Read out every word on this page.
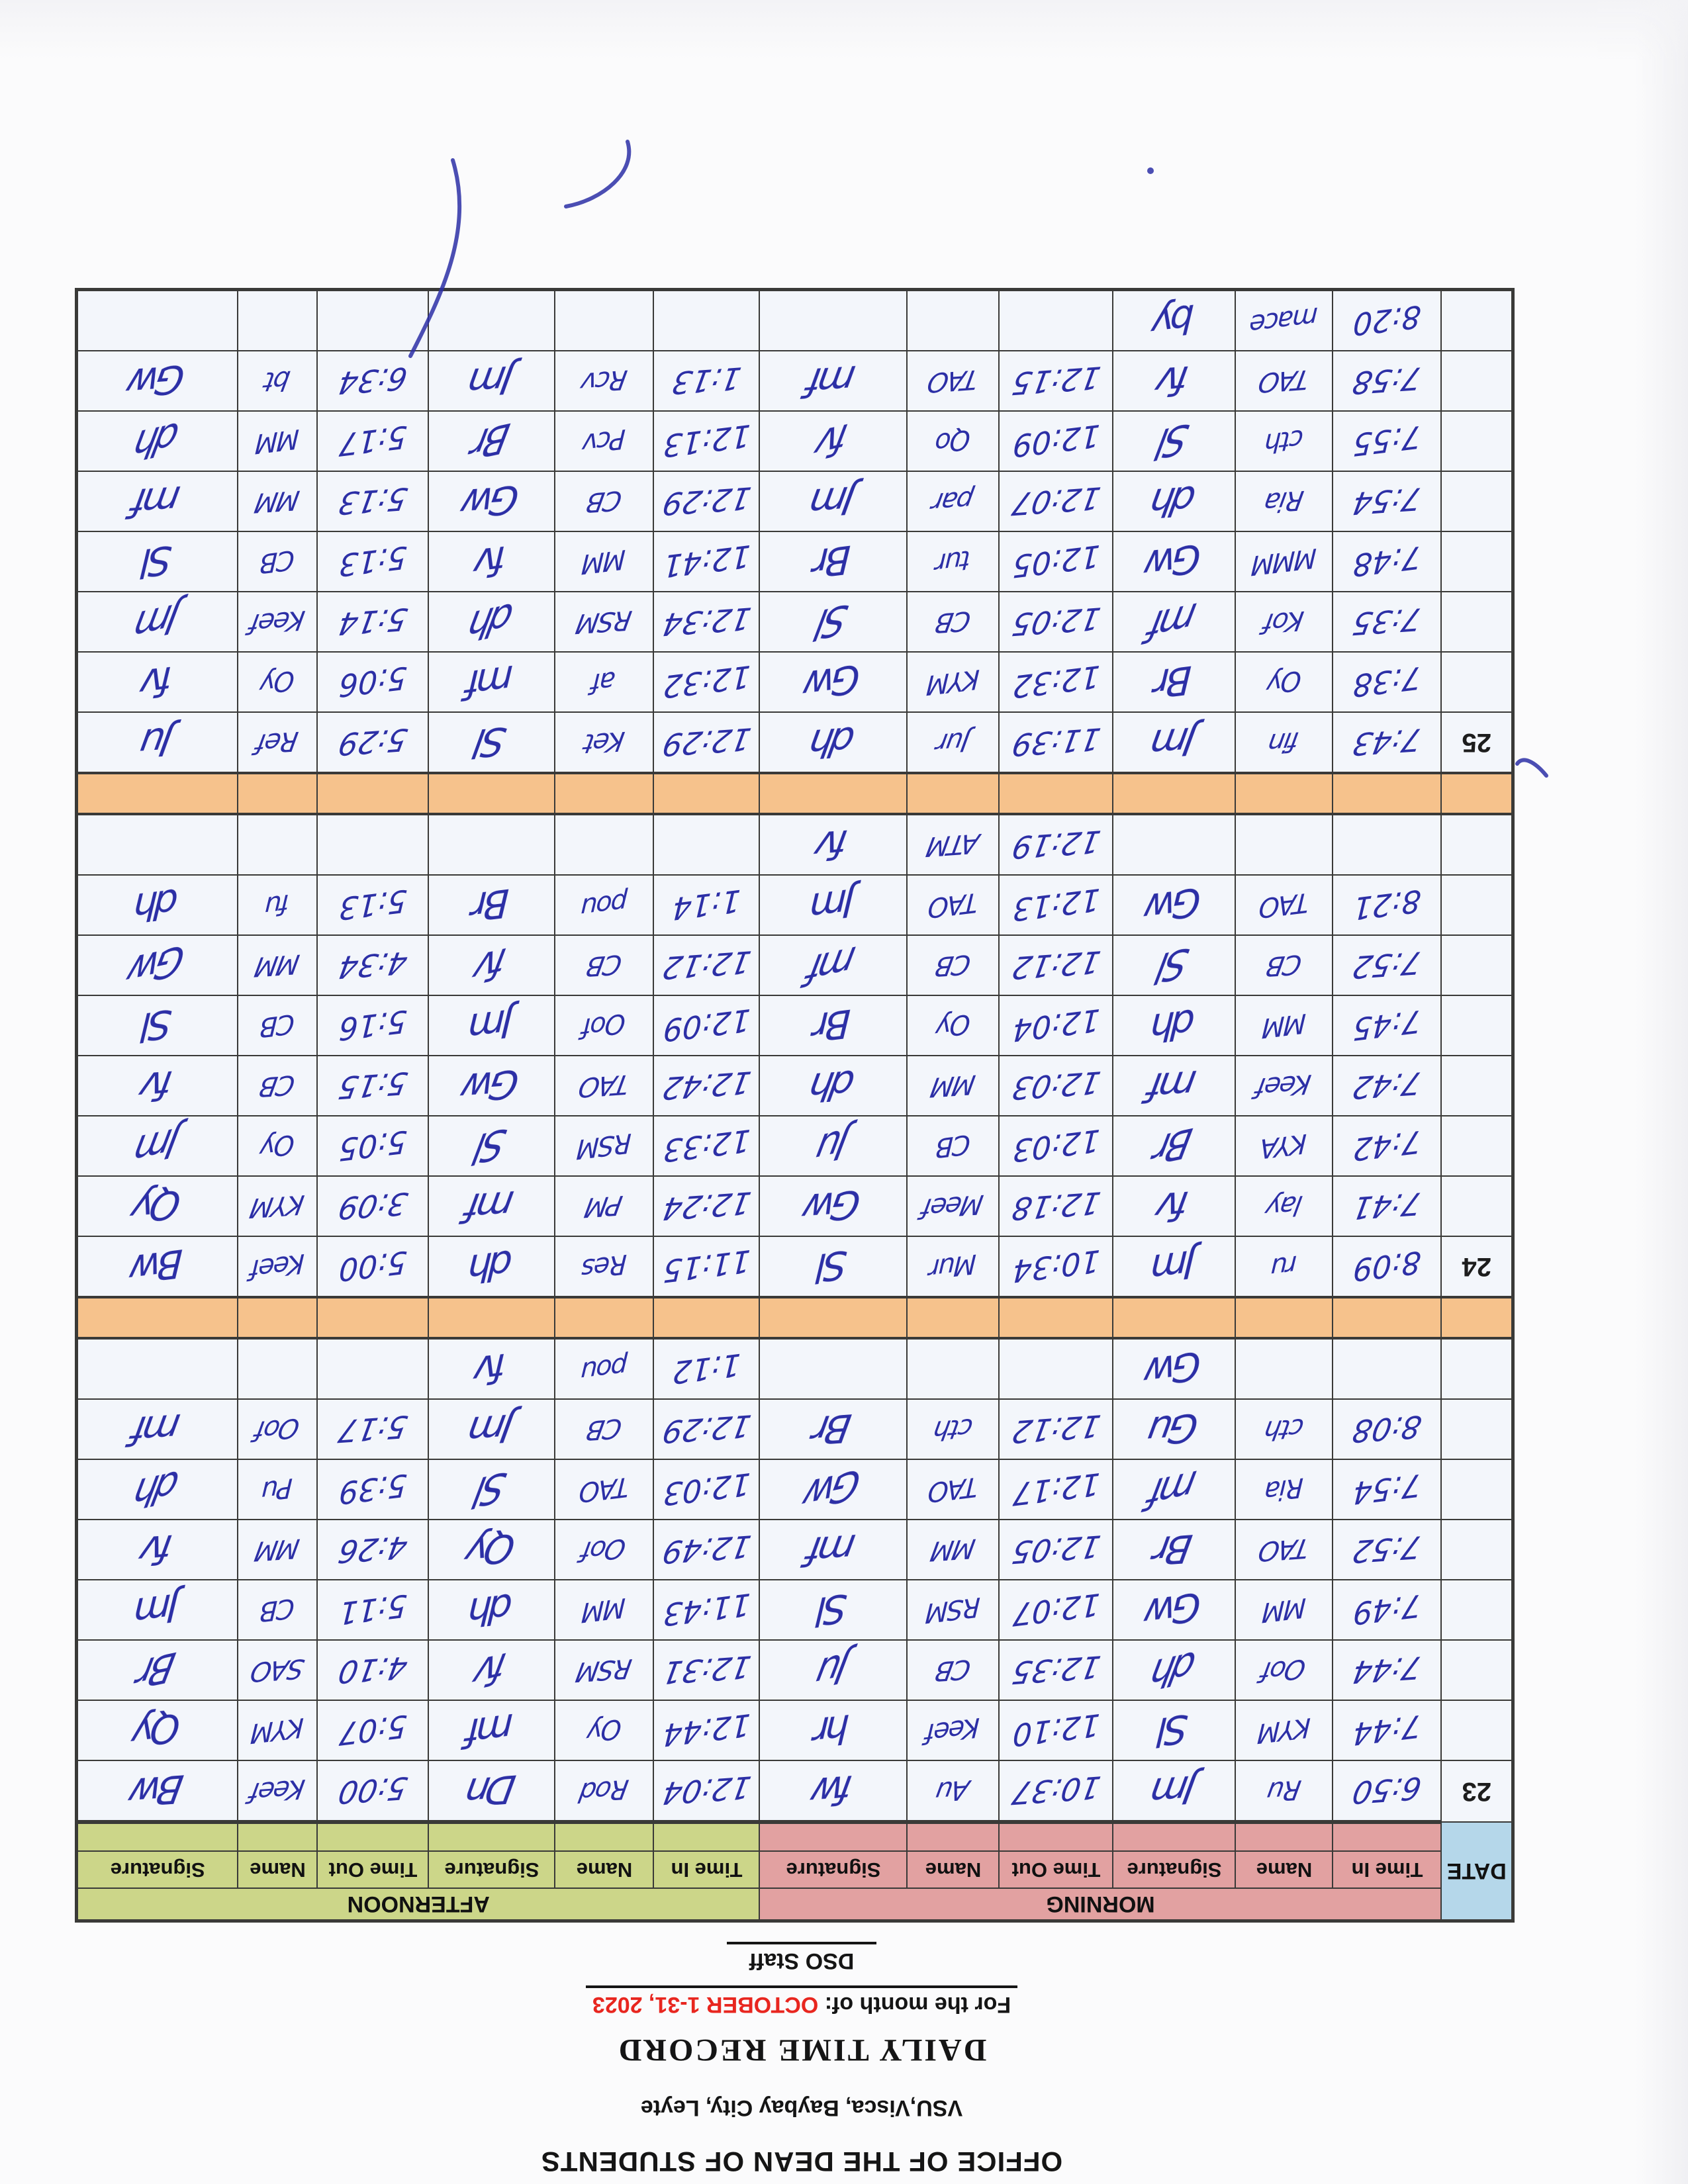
OFFICE OF THE DEAN OF STUDENTS
VSU,Visca, Baybay City, Leyte
DAILY TIME RECORD
For the month of: OCTOBER 1-31, 2023
DSO Staff
DATE	MORNING						AFTERNOON					
	Time In	Name	Signature	Time Out	Name	Signature	Time In	Name	Signature	Time Out	Name	Signature

23	6:50	Ru	Jm	10:37	Au	fw	12:04	Rod	Dn	5:00	Keef	Bw
	7:44	KYM	Sl	12:10	Keef	hr	12:44	Oy	mf	5:07	KYM	Qy
	7:44	Oof	dh	12:35	CB	Ju	12:31	RSM	fv	4:10	SAO	Br
	7:49	MM	Gw	12:07	RSM	Sl	11:43	MM	dh	5:11	CB	Jm
	7:52	TAO	Br	12:05	MM	mf	12:49	Oof	Qy	4:26	MM	fv
	7:54	Ria	mf	12:17	TAO	Gw	12:03	TAO	Sl	5:39	Pu	dh
	8:08	cth	Gu	12:12	cth	Br	12:29	CB	Jm	5:17	Oof	mf
			Gw				1:12	pou	fv			

24	8:09	ru	Jm	10:34	Mur	Sl	11:15	Res	dh	5:00	Keef	Bw
	7:41	lay	fv	12:18	Meef	Gw	12:24	PM	mf	3:09	KYM	Qy
	7:42	KYA	Br	12:03	CB	Ju	12:33	RSM	Sl	5:05	Oy	Jm
	7:42	Keef	mf	12:03	MM	dh	12:42	TAO	Gw	5:15	CB	fv
	7:45	MM	dh	12:04	Oy	Br	12:09	Oof	Jm	5:16	CB	Sl
	7:52	CB	Sl	12:12	CB	mf	12:12	CB	fv	4:34	MM	Gw
	8:21	TAO	Gw	12:13	TAO	Jm	1:14	pou	Br	5:13	fu	dh
				12:19	ATM	fv						

25	7:43	fin	Jm	11:39	Jur	dh	12:29	Ket	Sl	5:29	Ref	Ju
	7:38	Oy	Br	12:32	KYM	Gw	12:32	af	mf	5:06	Oy	fv
	7:35	Kof	mf	12:05	CB	Sl	12:34	RSM	dh	5:14	Keef	Jm
	7:48	MMM	Gw	12:05	tur	Br	12:41	MM	fv	5:13	CB	Sl
	7:54	Ria	dh	12:07	par	Jm	12:29	CB	Gw	5:13	MM	mf
	7:55	cth	Sl	12:09	Qo	fv	12:13	Pcv	Br	5:17	MM	dh
	7:58	TAO	fv	12:15	TAO	mf	1:13	Rcv	Jm	6:34	bt	Gw
	8:20	mace	by									
